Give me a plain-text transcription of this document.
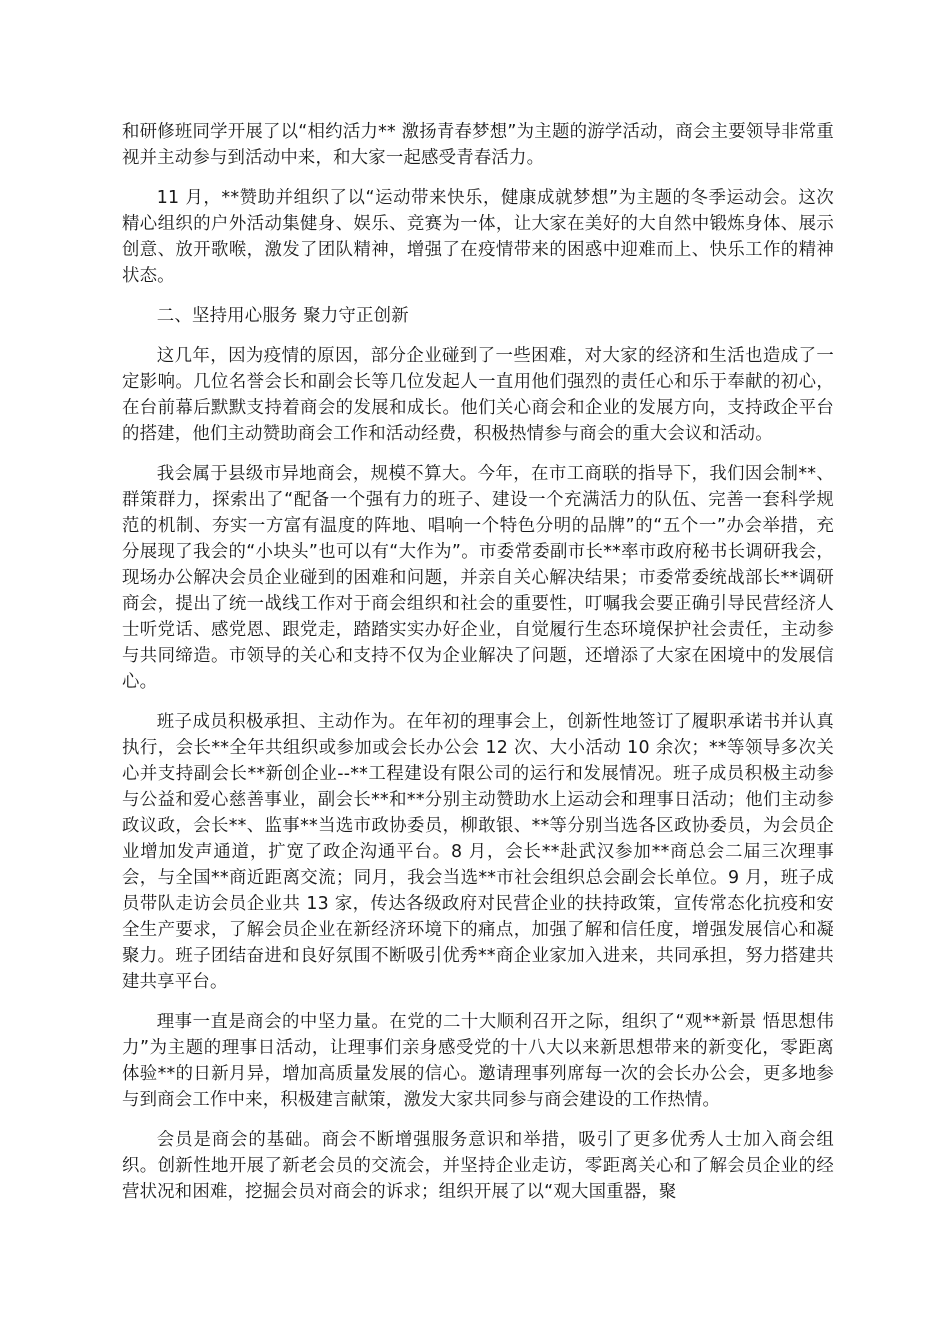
和研修班同学开展了以“相约活力** 激扬青春梦想”为主题的游学活动，商会主要领导非常重视并主动参与到活动中来，和大家一起感受青春活力。

11 月，**赞助并组织了以“运动带来快乐，健康成就梦想”为主题的冬季运动会。这次精心组织的户外活动集健身、娱乐、竞赛为一体，让大家在美好的大自然中锻炼身体、展示创意、放开歌喉，激发了团队精神，增强了在疫情带来的困惑中迎难而上、快乐工作的精神状态。

二、坚持用心服务 聚力守正创新

这几年，因为疫情的原因，部分企业碰到了一些困难，对大家的经济和生活也造成了一定影响。几位名誉会长和副会长等几位发起人一直用他们强烈的责任心和乐于奉献的初心，在台前幕后默默支持着商会的发展和成长。他们关心商会和企业的发展方向，支持政企平台的搭建，他们主动赞助商会工作和活动经费，积极热情参与商会的重大会议和活动。

我会属于县级市异地商会，规模不算大。今年，在市工商联的指导下，我们因会制**、群策群力，探索出了“配备一个强有力的班子、建设一个充满活力的队伍、完善一套科学规范的机制、夯实一方富有温度的阵地、唱响一个特色分明的品牌”的“五个一”办会举措，充分展现了我会的“小块头”也可以有“大作为”。市委常委副市长**率市政府秘书长调研我会，现场办公解决会员企业碰到的困难和问题，并亲自关心解决结果；市委常委统战部长**调研商会，提出了统一战线工作对于商会组织和社会的重要性，叮嘱我会要正确引导民营经济人士听党话、感党恩、跟党走，踏踏实实办好企业，自觉履行生态环境保护社会责任，主动参与共同缔造。市领导的关心和支持不仅为企业解决了问题，还增添了大家在困境中的发展信心。

班子成员积极承担、主动作为。在年初的理事会上，创新性地签订了履职承诺书并认真执行，会长**全年共组织或参加或会长办公会 12 次、大小活动 10 余次；**等领导多次关心并支持副会长**新创企业--**工程建设有限公司的运行和发展情况。班子成员积极主动参与公益和爱心慈善事业，副会长**和**分别主动赞助水上运动会和理事日活动；他们主动参政议政，会长**、监事**当选市政协委员，柳敢银、**等分别当选各区政协委员，为会员企业增加发声通道，扩宽了政企沟通平台。8 月，会长**赴武汉参加**商总会二届三次理事会，与全国**商近距离交流；同月，我会当选**市社会组织总会副会长单位。9 月，班子成员带队走访会员企业共 13 家，传达各级政府对民营企业的扶持政策，宣传常态化抗疫和安全生产要求，了解会员企业在新经济环境下的痛点，加强了解和信任度，增强发展信心和凝聚力。班子团结奋进和良好氛围不断吸引优秀**商企业家加入进来，共同承担，努力搭建共建共享平台。

理事一直是商会的中坚力量。在党的二十大顺利召开之际，组织了“观**新景 悟思想伟力”为主题的理事日活动，让理事们亲身感受党的十八大以来新思想带来的新变化，零距离体验**的日新月异，增加高质量发展的信心。邀请理事列席每一次的会长办公会，更多地参与到商会工作中来，积极建言献策，激发大家共同参与商会建设的工作热情。

会员是商会的基础。商会不断增强服务意识和举措，吸引了更多优秀人士加入商会组织。创新性地开展了新老会员的交流会，并坚持企业走访，零距离关心和了解会员企业的经营状况和困难，挖掘会员对商会的诉求；组织开展了以“观大国重器，聚
